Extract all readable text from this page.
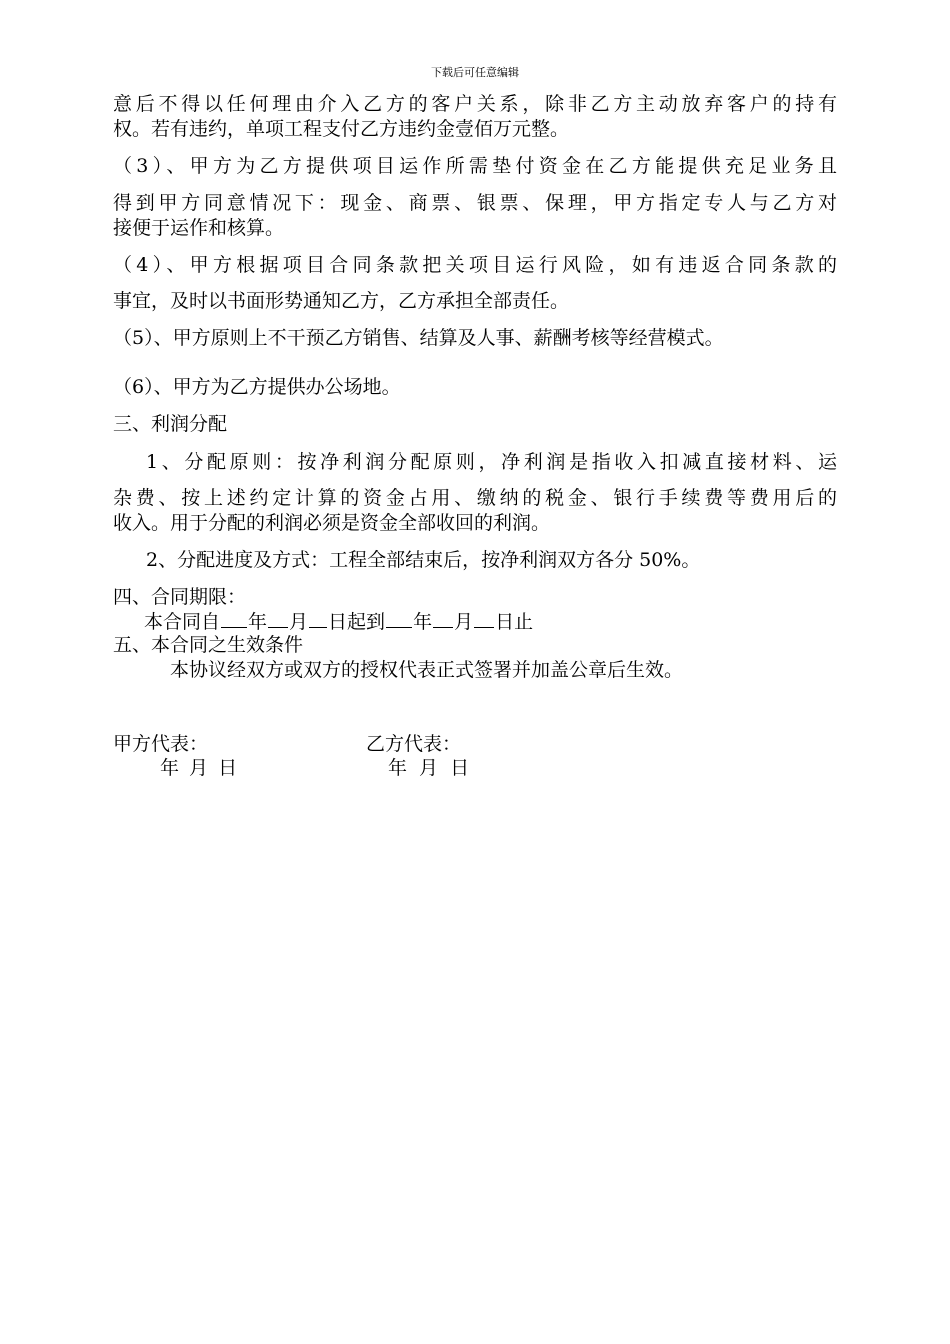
下载后可任意编辑
意后不得以任何理由介入乙方的客户关系，除非乙方主动放弃客户的持有
权。若有违约，单项工程支付乙方违约金壹佰万元整。
（3）、甲方为乙方提供项目运作所需垫付资金在乙方能提供充足业务且
得到甲方同意情况下：现金、商票、银票、保理，甲方指定专人与乙方对
接便于运作和核算。
（4）、甲方根据项目合同条款把关项目运行风险，如有违返合同条款的
事宜，及时以书面形势通知乙方，乙方承担全部责任。
（5）、甲方原则上不干预乙方销售、结算及人事、薪酬考核等经营模式。
（6）、甲方为乙方提供办公场地。
三、利润分配
1、分配原则：按净利润分配原则，净利润是指收入扣减直接材料、运
杂费、按上述约定计算的资金占用、缴纳的税金、银行手续费等费用后的
收入。用于分配的利润必须是资金全部收回的利润。
2、分配进度及方式：工程全部结束后，按净利润双方各分 50%。
四、合同期限：
本合同自 年 月 日起到 年 月 日止
五、本合同之生效条件
本协议经双方或双方的授权代表正式签署并加盖公章后生效。
甲方代表：	乙方代表：
年 月 日	年 月 日
